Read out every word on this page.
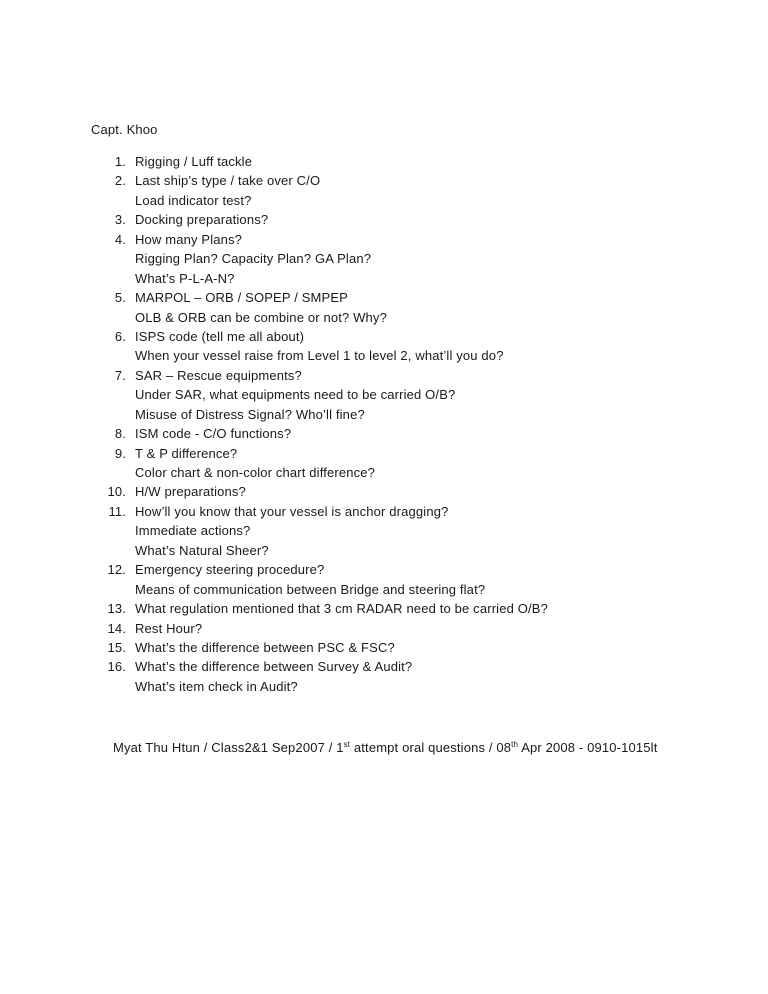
Capt. Khoo
1. Rigging / Luff tackle
2. Last ship’s type / take over C/O
Load indicator test?
3. Docking preparations?
4. How many Plans?
Rigging Plan? Capacity Plan? GA Plan?
What’s P-L-A-N?
5. MARPOL – ORB / SOPEP / SMPEP
OLB & ORB can be combine or not? Why?
6. ISPS code (tell me all about)
When your vessel raise from Level 1 to level 2, what’ll you do?
7. SAR – Rescue equipments?
Under SAR, what equipments need to be carried O/B?
Misuse of Distress Signal? Who’ll fine?
8. ISM code - C/O functions?
9. T & P difference?
Color chart & non-color chart difference?
10. H/W preparations?
11. How’ll you know that your vessel is anchor dragging?
Immediate actions?
What’s Natural Sheer?
12. Emergency steering procedure?
Means of communication between Bridge and steering flat?
13. What regulation mentioned that 3 cm RADAR need to be carried O/B?
14. Rest Hour?
15. What’s the difference between PSC & FSC?
16. What’s the difference between Survey & Audit?
What’s item check in Audit?
Myat Thu Htun / Class2&1 Sep2007 / 1st attempt oral questions / 08th Apr 2008 - 0910-1015lt
